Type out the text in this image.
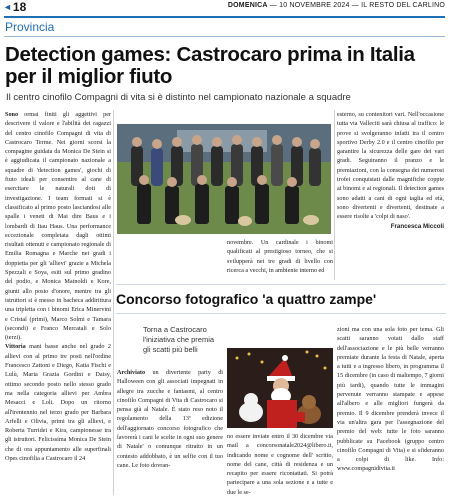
◄18	DOMENICA — 10 NOVEMBRE 2024 — IL RESTO DEL CARLINO
Provincia
Detection games: Castrocaro prima in Italia per il miglior fiuto
Il centro cinofilo Compagni di vita si è distinto nel campionato nazionale a squadre

Sono ormai finiti gli aggettivi per descrivere il valore e l'abilità dei ragazzi del centro cinofilo Compagni di vita di Castrocaro Terme. Nei giorni scorsi la compagine guidata da Monica De Stein si è aggiudicata il campionato nazionale a squadre di 'detection games', giochi di fiuto ideali per consentire al cane di esercitare le naturali doti di investigazione. I team formati si è classificato al primo posto lasciandosi alle spalle i veneti di Mai dire Baus e i lombardi di Itau Haus. Una performance eccezionale completata dagli ottimi risultati ottenuti e campionato regionale di Emilia Romagna e Marche nei gradi i doppietta per gli 'allievi' grazie a Michela Spezzali e Soya, esiti sul primo gradino del podio, e Monica Mainoldi e Kore, giunti allo posto d'onore, mentre tra gli istruttori si è messo in bacheca addirittura una tripletta con i binomi Erica Minervini e Cristal (primi), Marco Solmi e Tamara (secondi) e Franco Mercatali e Solo (terzi).

Vittoria mani basse anche nel grado 2 allievi con al primo tre posti nell'ordine Francesco Zattoni e Diego, Katia Fischi e Lulù, Maria Grazia Gordini e Daisy, ottimo secondo posto nello stesso grado ma nella categoria allievi per Ambra Mesacci e Loli. Dopo un ritorno all'trentennio nel terzo grado per Barbara Arfelli e Olivia, primi tra gli allievi, e Roberta Turridei e Kira, campionesse tra gli istruttori. Felicissima Monica De Stein che di ora appuntamento alle superfinali Opes cinofilia a Castrocaro il 24

novembre. Un cardinale i binomi qualificati al prestigioso torneo, che si svilupperà nei tre gradi di livello con ricerca a vecchi, in ambiente interno ed

esterno, su contenitori vari. Nell'occasione tutta via Valleciti sarà chiusa al traffico: le prove si svolgeranno infatti tra il centro sportivo Derby 2.0 e il centro cinofilo per garantire la sicurezza delle gare dei vari gradi. Seguiranno il pranzo e le premiazioni, con la consegna dei numerosi trofei conquistati dalle magnifiche coppie ai binomi e ai regionali. Il detection games sono adatti a cani di ogni taglia ed età, sono divertenti e divertenti, destinate a essere risolte a 'colpi di naso'.

Francesca Miccoli

Concorso fotografico 'a quattro zampe'
Torna a Castrocaro l'iniziativa che premia gli scatti più belli
Archiviato un divertente party di Halloween con gli associati impegnati in allegre tra zucche e fantasmi, al centro cinofilo Compagni di Vita di Castrocaro si pensa già al Natale. È stato reso noto il regolamento della 13ª edizione dell'aggiornato concorso fotografico che lavorerà i cani le scelte in ogni suo genere di Natale' o comunque ritratto in un contesto addobbato, è un selfie con il tuo cane. Le foto dovran-
no essere inviate entro il 30 dicembre via mail a concorsonatale2024@libero.it, indicando nome e cognome dell' scritto, nome del cane, città di residenza e un recapito per essere ricontattati. Si potrà partecipare a una sola sezione e a tutte e due le se-
zioni ma con una sola foto per tema. Gli scatti saranno votati dallo staff dell'associazione e le più belle verranno premiate durante la festa di Natale, aperta a tutti e a ingresso libero, in programma il 15 dicembre (in caso di maltempo, 7 giorni più tardi), quando tutte le immagini pervenute verranno stampate e appese all'albero e alle migliori fungerà da premio. Il 9 dicembre prenderà invece il via un'altra gara per l'assegnazione del premio del web: tutte le foto saranno pubblicate su Facebook (gruppo centro cinofilo Compagni di Vita) e si sfideranno a colpi di like. Info: www.compagnidivita.it
